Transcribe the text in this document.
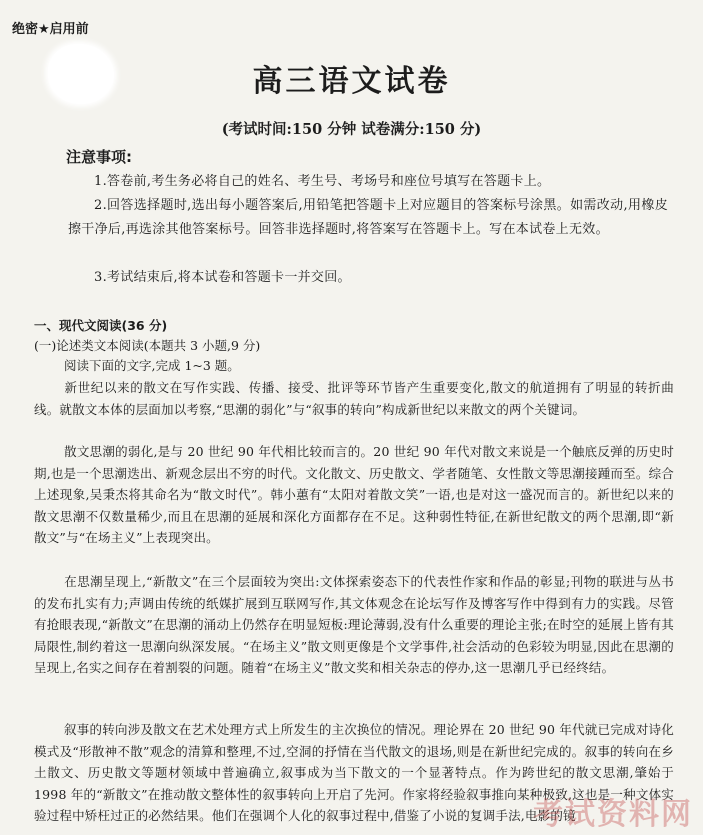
绝密★启用前
高三语文试卷
(考试时间:150 分钟 试卷满分:150 分)
注意事项:
1.答卷前,考生务必将自己的姓名、考生号、考场号和座位号填写在答题卡上。
2.回答选择题时,选出每小题答案后,用铅笔把答题卡上对应题目的答案标号涂黑。如需改动,用橡皮擦干净后,再选涂其他答案标号。回答非选择题时,将答案写在答题卡上。写在本试卷上无效。
3.考试结束后,将本试卷和答题卡一并交回。
一、现代文阅读(36 分)
(一)论述类文本阅读(本题共 3 小题,9 分)
阅读下面的文字,完成 1~3 题。
新世纪以来的散文在写作实践、传播、接受、批评等环节皆产生重要变化,散文的航道拥有了明显的转折曲线。就散文本体的层面加以考察,“思潮的弱化”与“叙事的转向”构成新世纪以来散文的两个关键词。
散文思潮的弱化,是与 20 世纪 90 年代相比较而言的。20 世纪 90 年代对散文来说是一个触底反弹的历史时期,也是一个思潮迭出、新观念层出不穷的时代。文化散文、历史散文、学者随笔、女性散文等思潮接踵而至。综合上述现象,吴秉杰将其命名为“散文时代”。韩小蕙有“太阳对着散文笑”一语,也是对这一盛况而言的。新世纪以来的散文思潮不仅数量稀少,而且在思潮的延展和深化方面都存在不足。这种弱性特征,在新世纪散文的两个思潮,即“新散文”与“在场主义”上表现突出。
在思潮呈现上,“新散文”在三个层面较为突出:文体探索姿态下的代表性作家和作品的彰显;刊物的联进与丛书的发布扎实有力;声调由传统的纸媒扩展到互联网写作,其文体观念在论坛写作及博客写作中得到有力的实践。尽管有抢眼表现,“新散文”在思潮的涌动上仍然存在明显短板:理论薄弱,没有什么重要的理论主张;在时空的延展上皆有其局限性,制约着这一思潮向纵深发展。“在场主义”散文则更像是个文学事件,社会活动的色彩较为明显,因此在思潮的呈现上,名实之间存在着割裂的问题。随着“在场主义”散文奖和相关杂志的停办,这一思潮几乎已经终结。
叙事的转向涉及散文在艺术处理方式上所发生的主次换位的情况。理论界在 20 世纪 90 年代就已完成对诗化模式及“形散神不散”观念的清算和整理,不过,空洞的抒情在当代散文的退场,则是在新世纪完成的。叙事的转向在乡土散文、历史散文等题材领域中普遍确立,叙事成为当下散文的一个显著特点。作为跨世纪的散文思潮,肇始于 1998 年的“新散文”在推动散文整体性的叙事转向上开启了先河。作家将经验叙事推向某种极致,这也是一种文体实验过程中矫枉过正的必然结果。他们在强调个人化的叙事过程中,借鉴了小说的复调手法,电影的镜
考试资料网
